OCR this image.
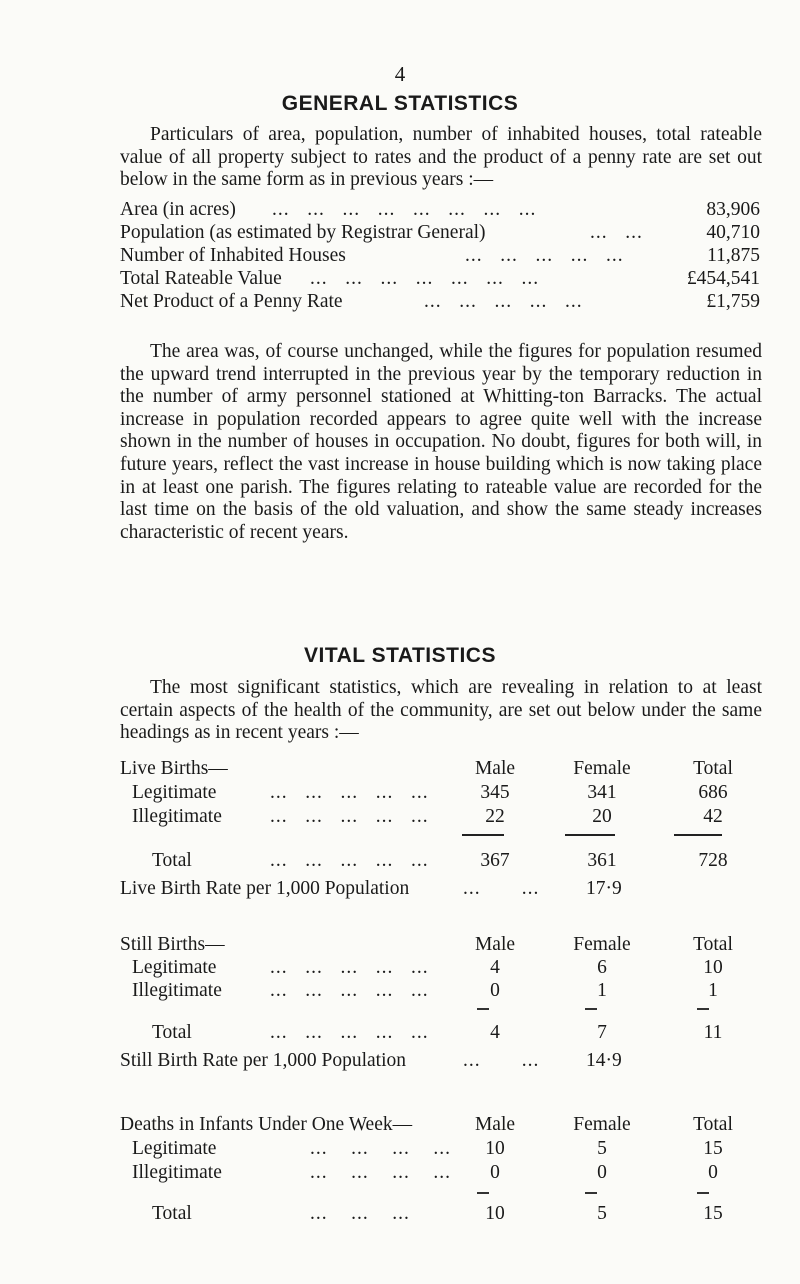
4
GENERAL STATISTICS
Particulars of area, population, number of inhabited houses, total rateable value of all property subject to rates and the product of a penny rate are set out below in the same form as in previous years :—
Area (in acres) ...   ...   ...   ...   ...   ...   ...   ...	83,906
Population (as estimated by Registrar General)	...   ...	40,710
Number of Inhabited Houses	...   ...   ...   ...   ...	11,875
Total Rateable Value ...   ...   ...   ...   ...   ...   ...	£454,541
Net Product of a Penny Rate	...   ...   ...   ...   ...	£1,759
The area was, of course unchanged, while the figures for population resumed the upward trend interrupted in the previous year by the temporary reduction in the number of army personnel stationed at Whitting-ton Barracks. The actual increase in population recorded appears to agree quite well with the increase shown in the number of houses in occupation. No doubt, figures for both will, in future years, reflect the vast increase in house building which is now taking place in at least one parish. The figures relating to rateable value are recorded for the last time on the basis of the old valuation, and show the same steady increases characteristic of recent years.
VITAL STATISTICS
The most significant statistics, which are revealing in relation to at least certain aspects of the health of the community, are set out below under the same headings as in recent years :—
Live Births—	Male	Female	Total
Legitimate	...   ...   ...   ...   ...	345	341	686
Illegitimate ...   ...   ...   ...   ...	22	20	42
Total	...   ...   ...   ...   ...	367	361	728
Live Birth Rate per 1,000 Population	...       ... 17·9
Still Births—	Male	Female	Total
Legitimate	...   ...   ...   ...   ...	4	6	10
Illegitimate ...   ...   ...   ...   ...	0	1	1
Total	...   ...   ...   ...   ...	4	7	11
Still Birth Rate per 1,000 Population	...       ... 14·9
Deaths in Infants Under One Week—	Male	Female	Total
Legitimate	...    ...    ...    ...	10	5	15
Illegitimate	...    ...    ...    ...	0	0	0
Total	...    ...    ...	10	5	15
